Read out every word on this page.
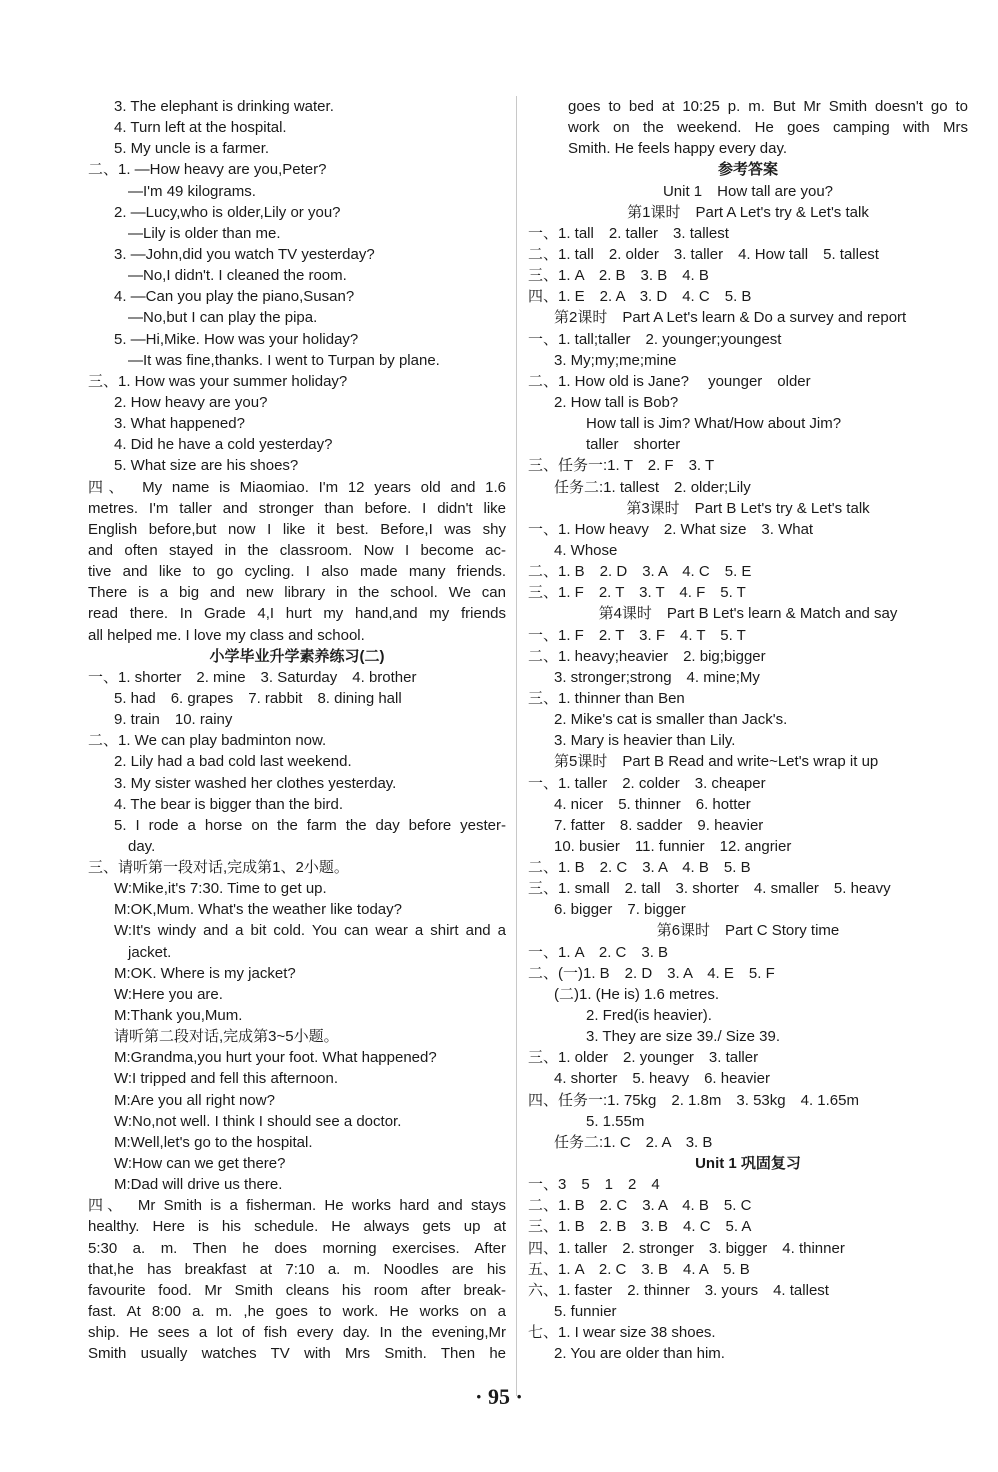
3. The elephant is drinking water.
4. Turn left at the hospital.
5. My uncle is a farmer.
二、1. —How heavy are you,Peter?
—I'm 49 kilograms.
2. —Lucy,who is older,Lily or you?
—Lily is older than me.
3. —John,did you watch TV yesterday?
—No,I didn't. I cleaned the room.
4. —Can you play the piano,Susan?
—No,but I can play the pipa.
5. —Hi,Mike. How was your holiday?
—It was fine,thanks. I went to Turpan by plane.
三、1. How was your summer holiday?
2. How heavy are you?
3. What happened?
4. Did he have a cold yesterday?
5. What size are his shoes?
四、　My name is Miaomiao. I'm 12 years old and 1.6
metres. I'm taller and stronger than before. I didn't like
English before,but now I like it best. Before,I was shy
and often stayed in the classroom. Now I become ac-
tive and like to go cycling. I also made many friends.
There is a big and new library in the school. We can
read there. In Grade 4,I hurt my hand,and my friends
all helped me. I love my class and school.
小学毕业升学素养练习(二)
一、1. shorter　2. mine　3. Saturday　4. brother
5. had　6. grapes　7. rabbit　8. dining hall
9. train　10. rainy
二、1. We can play badminton now.
2. Lily had a bad cold last weekend.
3. My sister washed her clothes yesterday.
4. The bear is bigger than the bird.
5. I rode a horse on the farm the day before yester-
day.
三、请听第一段对话,完成第1、2小题。
W:Mike,it's 7:30. Time to get up.
M:OK,Mum. What's the weather like today?
W:It's windy and a bit cold. You can wear a shirt and a
jacket.
M:OK. Where is my jacket?
W:Here you are.
M:Thank you,Mum.
请听第二段对话,完成第3~5小题。
M:Grandma,you hurt your foot. What happened?
W:I tripped and fell this afternoon.
M:Are you all right now?
W:No,not well. I think I should see a doctor.
M:Well,let's go to the hospital.
W:How can we get there?
M:Dad will drive us there.
四、　Mr Smith is a fisherman. He works hard and stays
healthy. Here is his schedule. He always gets up at
5:30 a. m. Then he does morning exercises. After
that,he has breakfast at 7:10 a. m. Noodles are his
favourite food. Mr Smith cleans his room after break-
fast. At 8:00 a. m. ,he goes to work. He works on a
ship. He sees a lot of fish every day. In the evening,Mr
Smith usually watches TV with Mrs Smith. Then he
goes to bed at 10:25 p. m. But Mr Smith doesn't go to
work on the weekend. He goes camping with Mrs
Smith. He feels happy every day.
参考答案
Unit 1　How tall are you?
第1课时　Part A Let's try & Let's talk
一、1. tall　2. taller　3. tallest
二、1. tall　2. older　3. taller　4. How tall　5. tallest
三、1. A　2. B　3. B　4. B
四、1. E　2. A　3. D　4. C　5. B
第2课时　Part A Let's learn & Do a survey and report
一、1. tall;taller　2. younger;youngest
3. My;my;me;mine
二、1. How old is Jane?　 younger　older
2. How tall is Bob?
How tall is Jim? What/How about Jim?
taller　shorter
三、任务一:1. T　2. F　3. T
任务二:1. tallest　2. older;Lily
第3课时　Part B Let's try & Let's talk
一、1. How heavy　2. What size　3. What
4. Whose
二、1. B　2. D　3. A　4. C　5. E
三、1. F　2. T　3. T　4. F　5. T
第4课时　Part B Let's learn & Match and say
一、1. F　2. T　3. F　4. T　5. T
二、1. heavy;heavier　2. big;bigger
3. stronger;strong　4. mine;My
三、1. thinner than Ben
2. Mike's cat is smaller than Jack's.
3. Mary is heavier than Lily.
第5课时　Part B Read and write~Let's wrap it up
一、1. taller　2. colder　3. cheaper
4. nicer　5. thinner　6. hotter
7. fatter　8. sadder　9. heavier
10. busier　11. funnier　12. angrier
二、1. B　2. C　3. A　4. B　5. B
三、1. small　2. tall　3. shorter　4. smaller　5. heavy
6. bigger　7. bigger
第6课时　Part C Story time
一、1. A　2. C　3. B
二、(一)1. B　2. D　3. A　4. E　5. F
(二)1. (He is) 1.6 metres.
2. Fred(is heavier).
3. They are size 39./ Size 39.
三、1. older　2. younger　3. taller
4. shorter　5. heavy　6. heavier
四、任务一:1. 75kg　2. 1.8m　3. 53kg　4. 1.65m
5. 1.55m
任务二:1. C　2. A　3. B
Unit 1 巩固复习
一、3　5　1　2　4
二、1. B　2. C　3. A　4. B　5. C
三、1. B　2. B　3. B　4. C　5. A
四、1. taller　2. stronger　3. bigger　4. thinner
五、1. A　2. C　3. B　4. A　5. B
六、1. faster　2. thinner　3. yours　4. tallest
5. funnier
七、1. I wear size 38 shoes.
2. You are older than him.
· 95 ·
